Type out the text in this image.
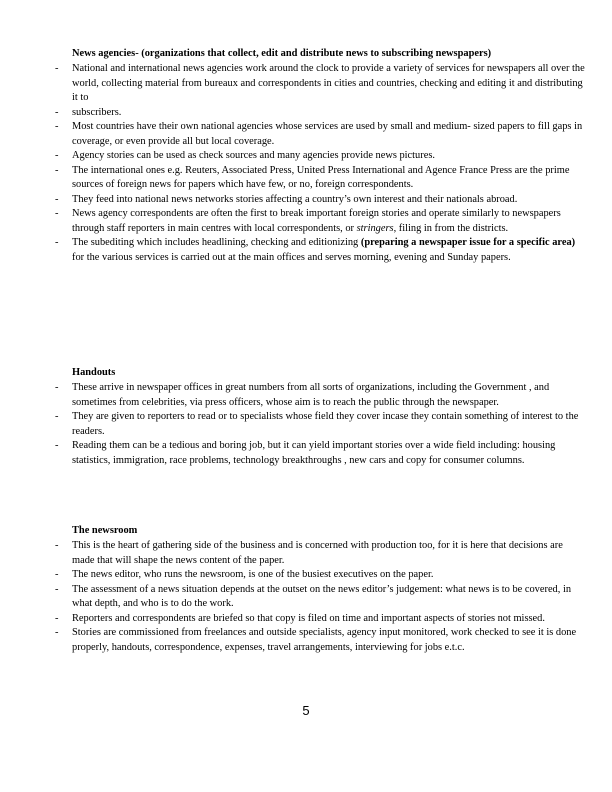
News agencies- (organizations that collect, edit and distribute news to subscribing newspapers)
- National and international news agencies work around the clock to provide a variety of services for newspapers all over the world, collecting material from bureaux and correspondents in cities and countries, checking and editing it and distributing it to
- subscribers.
- Most countries have their own national agencies whose services are used by small and medium- sized papers to fill gaps in coverage, or even provide all but local coverage.
- Agency stories can be used as check sources and many agencies provide news pictures.
- The international ones e.g. Reuters, Associated Press, United Press International and Agence France Press are the prime sources of foreign news for papers which have few, or no, foreign correspondents.
- They feed into national news networks stories affecting a country’s own interest and their nationals abroad.
- News agency correspondents are often the first to break important foreign stories and operate similarly to newspapers through staff reporters in main centres with local correspondents, or stringers, filing in from the districts.
- The subediting which includes headlining, checking and editionizing (preparing a newspaper issue for a specific area) for the various services is carried out at the main offices and serves morning, evening and Sunday papers.
Handouts
- These arrive in newspaper offices in great numbers from all sorts of organizations, including the Government , and sometimes from celebrities, via press officers, whose aim is to reach the public through the newspaper.
- They are given to reporters to read or to specialists whose field they cover incase they contain something of interest to the readers.
- Reading them can be a tedious and boring job, but it can yield important stories over a wide field including: housing statistics, immigration, race problems, technology breakthroughs , new cars and copy for consumer columns.
The newsroom
- This is the heart of gathering side of the business and is concerned with production too, for it is here that decisions are made that will shape the news content of the paper.
- The news editor, who runs the newsroom, is one of the busiest executives on the paper.
- The assessment of a news situation depends at the outset on the news editor’s judgement: what news is to be covered, in what depth, and who is to do the work.
- Reporters and correspondents are briefed so that copy is filed on time and important aspects of stories not missed.
- Stories are commissioned from freelances and outside specialists, agency input monitored, work checked to see it is done properly, handouts, correspondence, expenses, travel arrangements, interviewing for jobs e.t.c.
5
